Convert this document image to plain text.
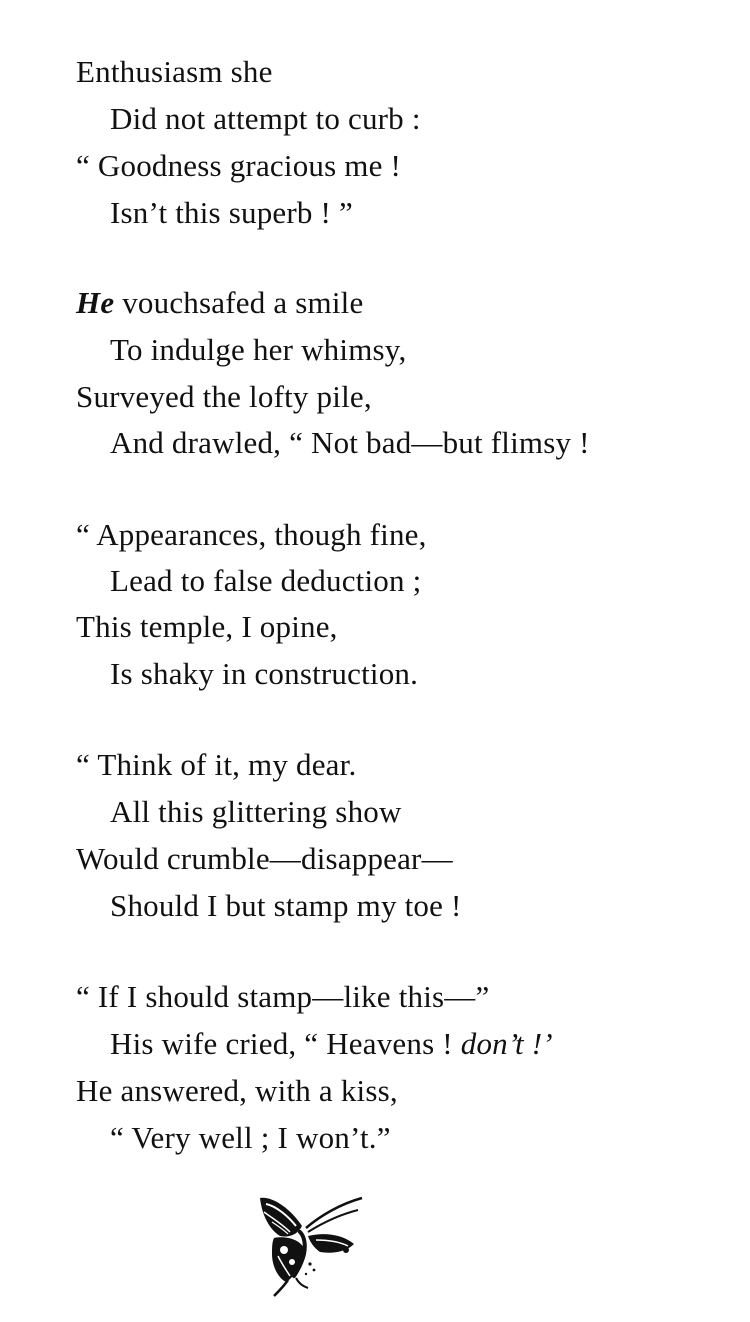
Enthusiasm she
Did not attempt to curb :
“ Goodness gracious me !
Isn’t this superb ! ”
He vouchsafed a smile
To indulge her whimsy,
Surveyed the lofty pile,
And drawled, “ Not bad—but flimsy !
“ Appearances, though fine,
Lead to false deduction ;
This temple, I opine,
Is shaky in construction.
“ Think of it, my dear.
All this glittering show
Would crumble—disappear—
Should I but stamp my toe !
“ If I should stamp—like this—”
His wife cried, “ Heavens ! don’t !’
He answered, with a kiss,
“ Very well ; I won’t.”
